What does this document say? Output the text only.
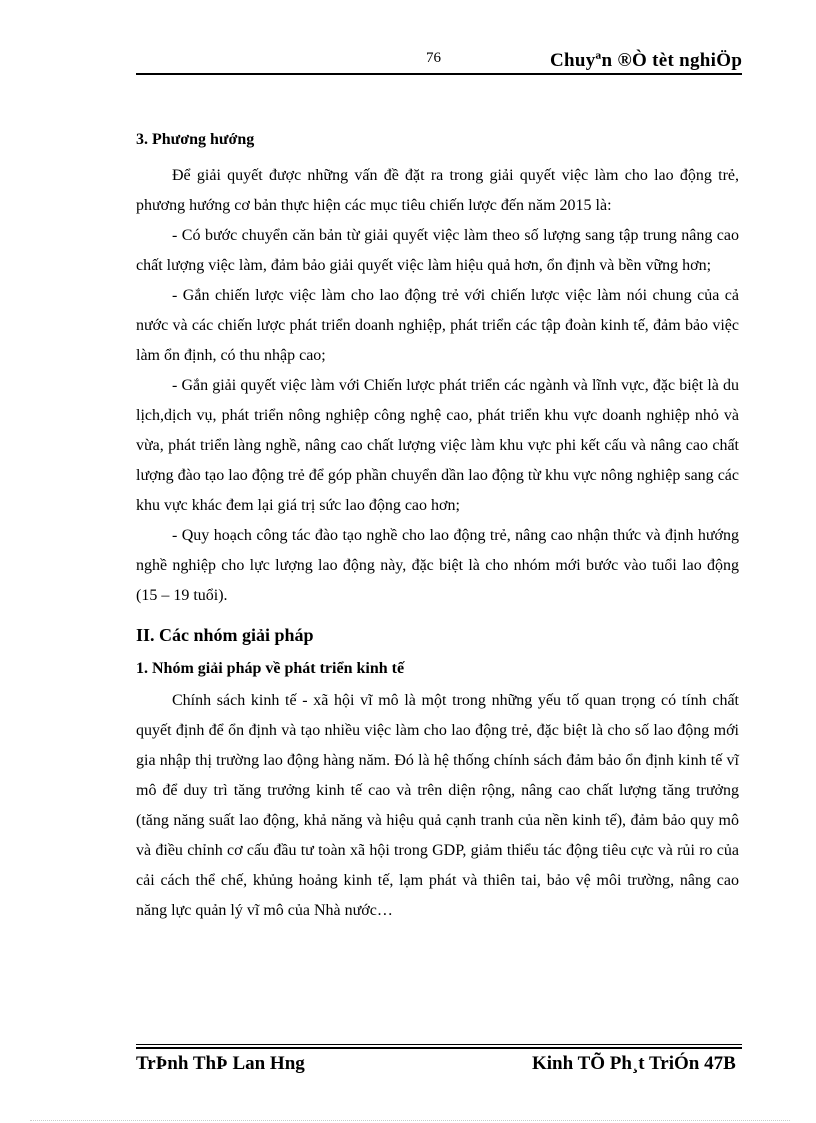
76	Chuyªn ®Ò tèt nghiÖp

3. Phương hướng

Để giải quyết được những vấn đề đặt ra trong giải quyết việc làm cho lao động trẻ, phương hướng cơ bản thực hiện các mục tiêu chiến lược đến năm 2015 là:

- Có bước chuyển căn bản từ giải quyết việc làm theo số lượng sang tập trung nâng cao chất lượng việc làm, đảm bảo giải quyết việc làm hiệu quả hơn, ổn định và bền vững hơn;

- Gắn chiến lược việc làm cho lao động trẻ với chiến lược việc làm nói chung của cả nước và các chiến lược phát triển doanh nghiệp, phát triển các tập đoàn kinh tế, đảm bảo việc làm ổn định, có thu nhập cao;

- Gắn giải quyết việc làm với Chiến lược phát triển các ngành và lĩnh vực, đặc biệt là du lịch,dịch vụ, phát triển nông nghiệp công nghệ cao, phát triển khu vực doanh nghiệp nhỏ và vừa, phát triển làng nghề, nâng cao chất lượng việc làm khu vực phi kết cấu và nâng cao chất lượng đào tạo lao động trẻ để góp phần chuyển dần lao động từ khu vực nông nghiệp sang các khu vực khác đem lại giá trị sức lao động cao hơn;

- Quy hoạch công tác đào tạo nghề cho lao động trẻ, nâng cao nhận thức và định hướng nghề nghiệp cho lực lượng lao động này, đặc biệt là cho nhóm mới bước vào tuổi lao động (15 – 19 tuổi).

II. Các nhóm giải pháp

1. Nhóm giải pháp về phát triển kinh tế

Chính sách kinh tế - xã hội vĩ mô là một trong những yếu tố quan trọng có tính chất quyết định để ổn định và tạo nhiều việc làm cho lao động trẻ, đặc biệt là cho số lao động mới gia nhập thị trường lao động hàng năm. Đó là hệ thống chính sách đảm bảo ổn định kinh tế vĩ mô để duy trì tăng trưởng kinh tế cao và trên diện rộng, nâng cao chất lượng tăng trưởng (tăng năng suất lao động, khả năng và hiệu quả cạnh tranh của nền kinh tế), đảm bảo quy mô và điều chỉnh cơ cấu đầu tư toàn xã hội trong GDP, giảm thiểu tác động tiêu cực và rủi ro của cải cách thể chế, khủng hoảng kinh tế, lạm phát và thiên tai, bảo vệ môi trường, nâng cao năng lực quản lý vĩ mô của Nhà nước…

TrÞnh ThÞ Lan Hng	Kinh TÕ Ph¸t TriÓn 47B
